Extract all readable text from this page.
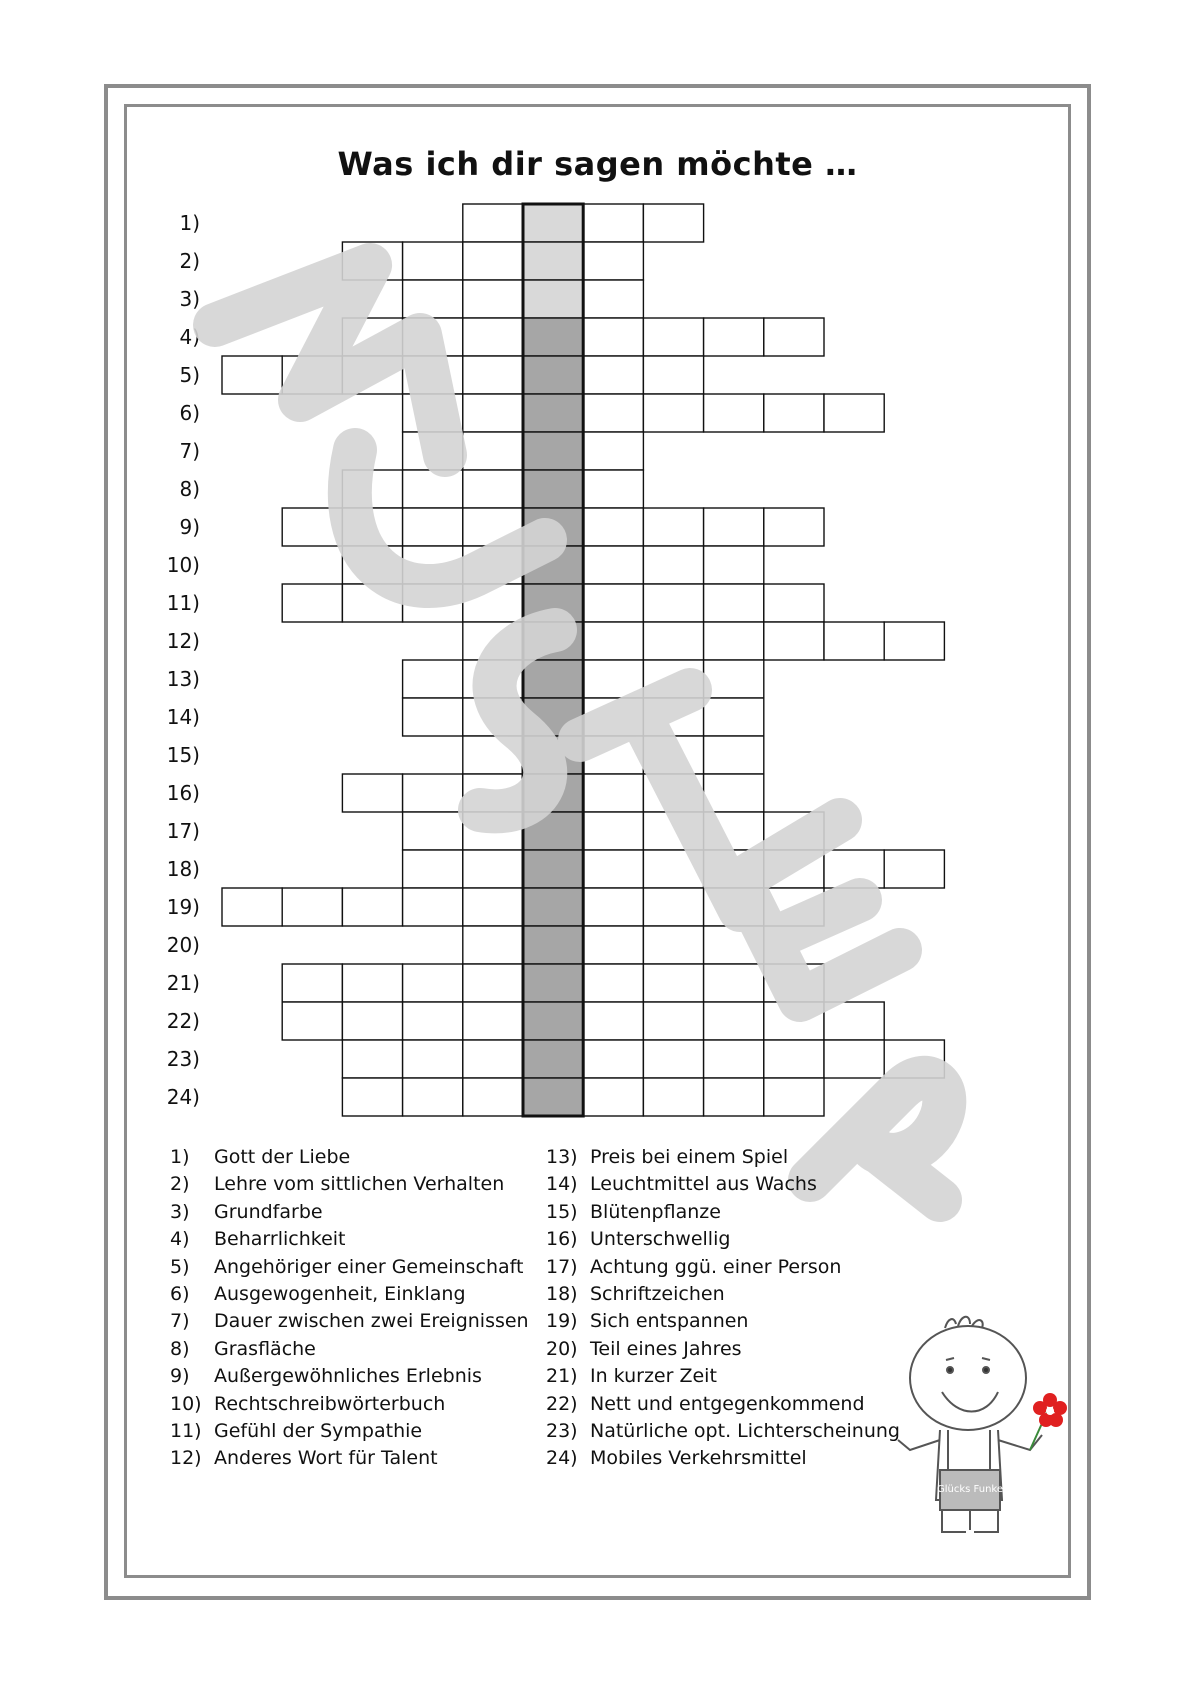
Was ich dir sagen möchte …
1)
2)
3)
4)
5)
6)
7)
8)
9)
10)
11)
12)
13)
14)
15)
16)
17)
18)
19)
20)
21)
22)
23)
24)
1) Gott der Liebe
2) Lehre vom sittlichen Verhalten
3) Grundfarbe
4) Beharrlichkeit
5) Angehöriger einer Gemeinschaft
6) Ausgewogenheit, Einklang
7) Dauer zwischen zwei Ereignissen
8) Grasfläche
9) Außergewöhnliches Erlebnis
10) Rechtschreibwörterbuch
11) Gefühl der Sympathie
12) Anderes Wort für Talent
13) Preis bei einem Spiel
14) Leuchtmittel aus Wachs
15) Blütenpflanze
16) Unterschwellig
17) Achtung ggü. einer Person
18) Schriftzeichen
19) Sich entspannen
20) Teil eines Jahres
21) In kurzer Zeit
22) Nett und entgegenkommend
23) Natürliche opt. Lichterscheinung
24) Mobiles Verkehrsmittel
Glücks Funke
